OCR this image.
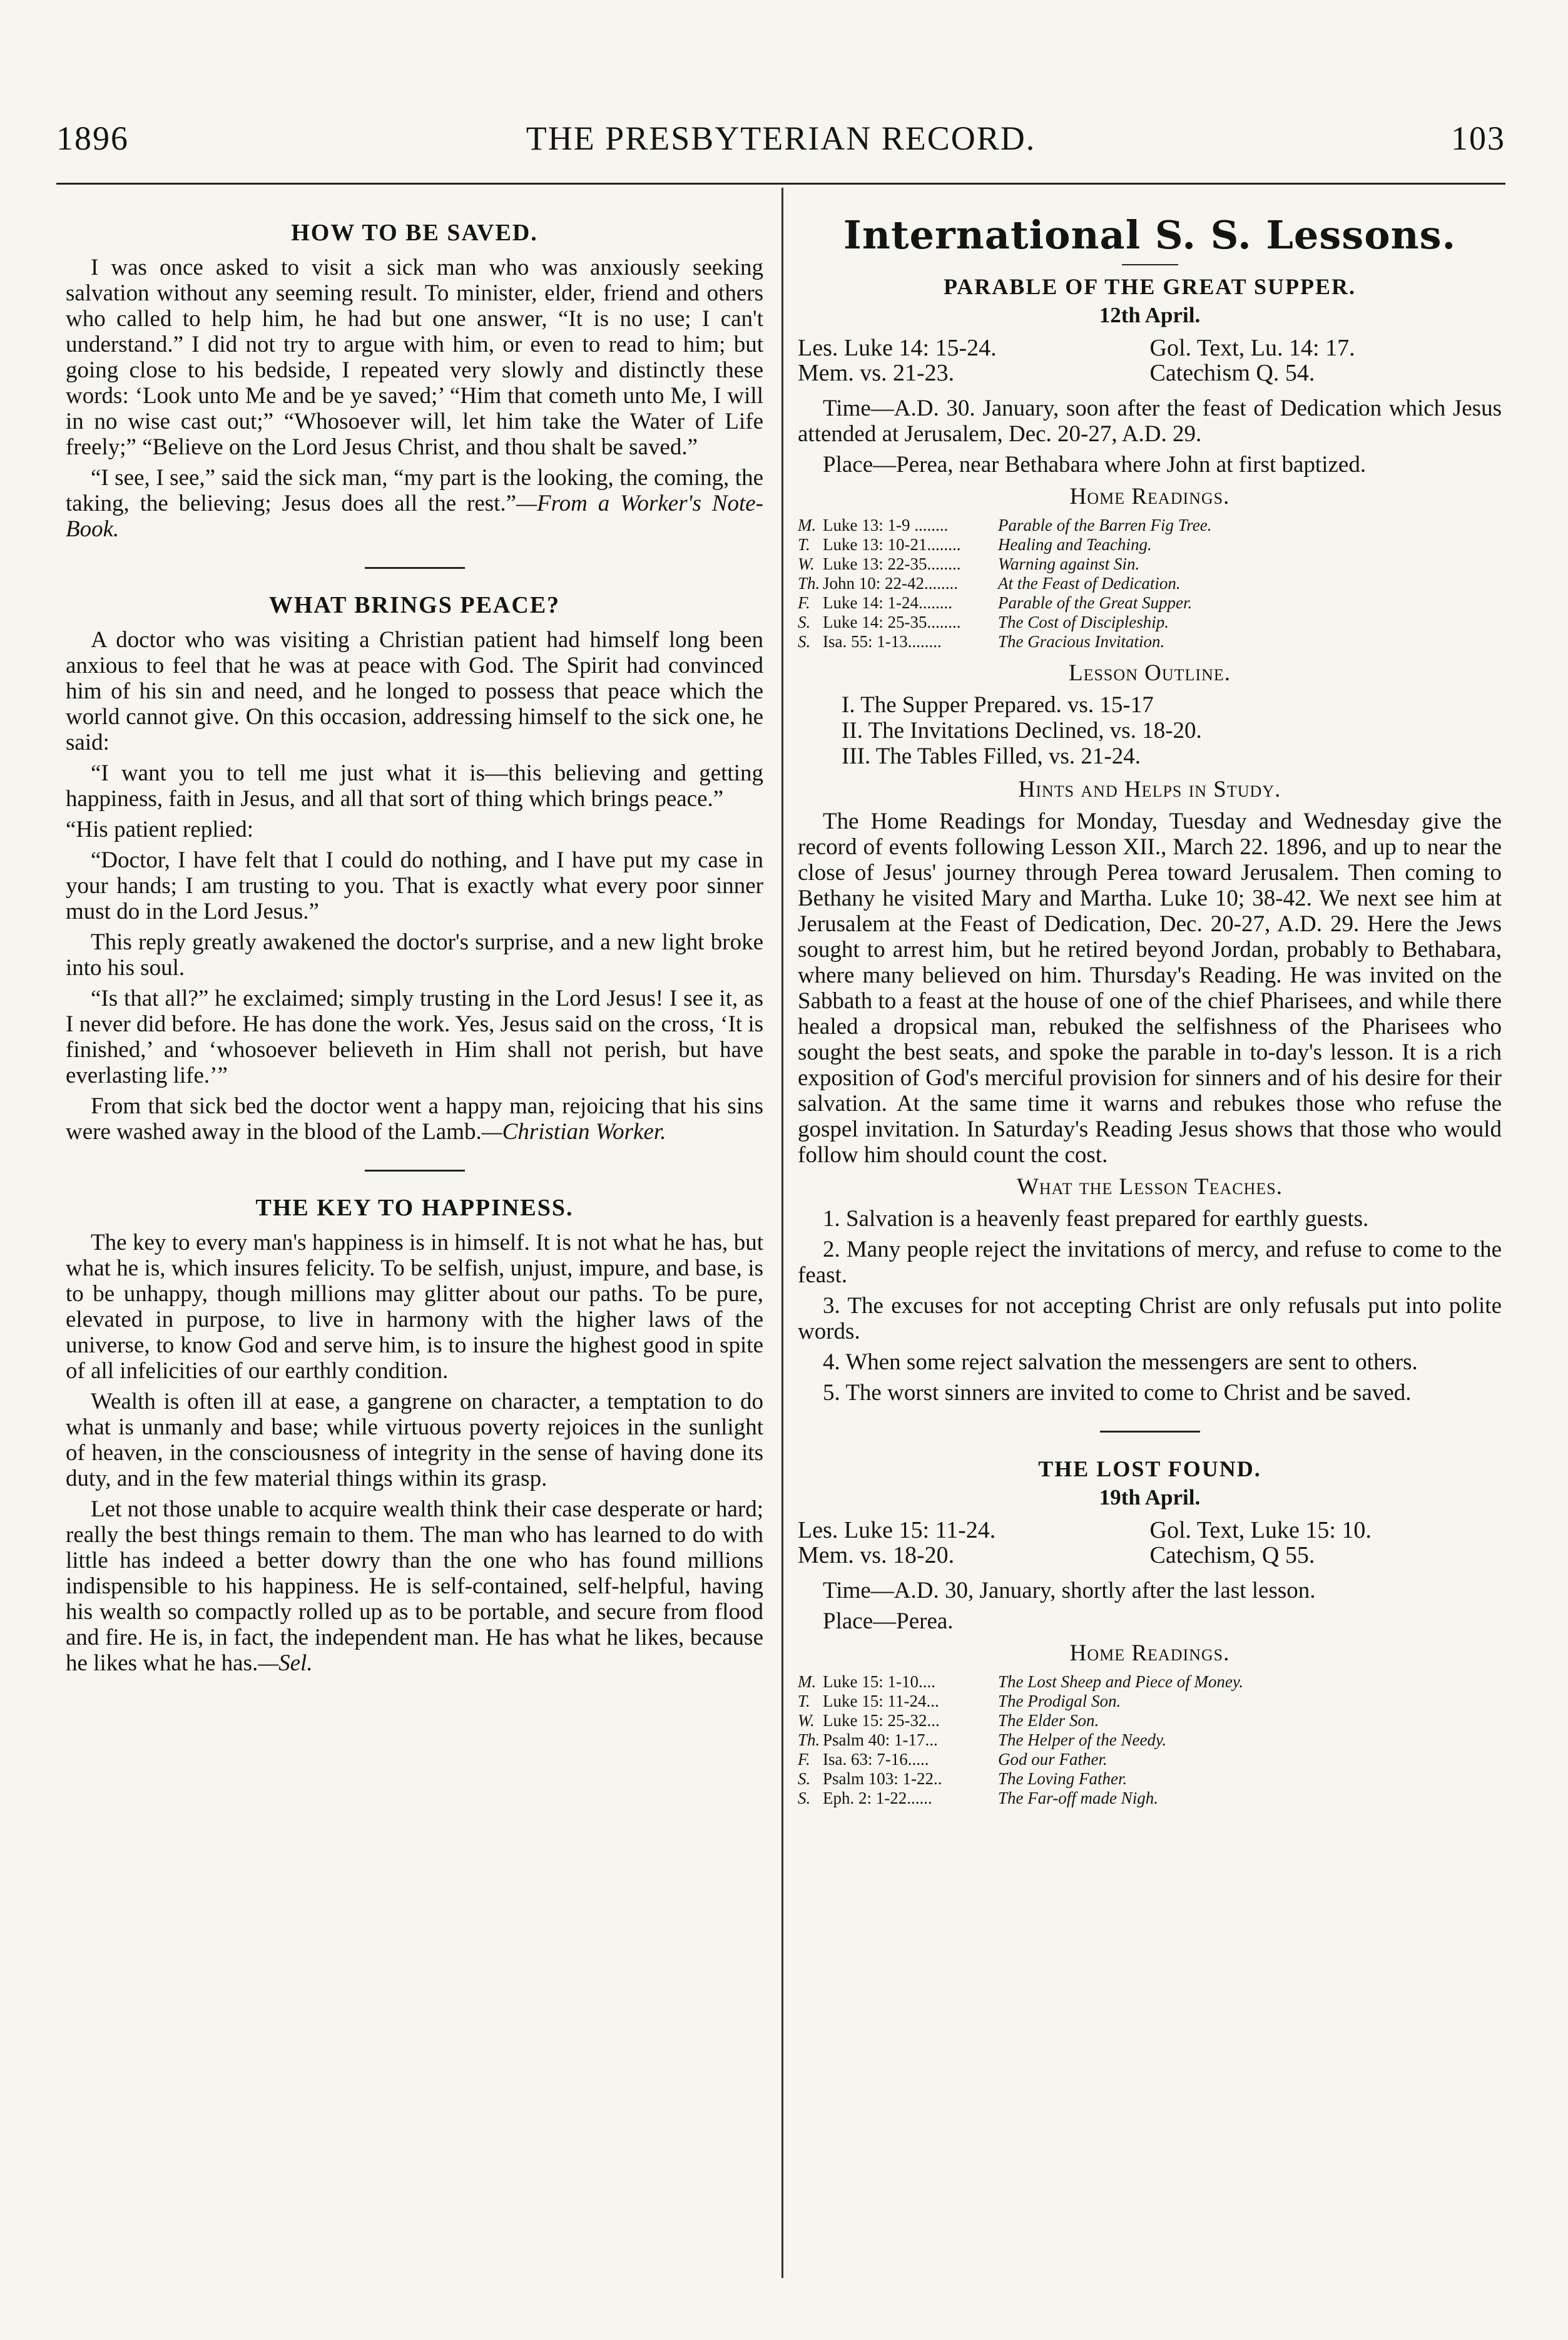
1896	THE PRESBYTERIAN RECORD.	103
HOW TO BE SAVED.

I was once asked to visit a sick man who was anxiously seeking salvation without any seeming result. To minister, elder, friend and others who called to help him, he had but one answer, “It is no use; I can't understand.” I did not try to argue with him, or even to read to him; but going close to his bedside, I repeated very slowly and distinctly these words: ‘Look unto Me and be ye saved;’ “Him that cometh unto Me, I will in no wise cast out;” “Whosoever will, let him take the Water of Life freely;” “Believe on the Lord Jesus Christ, and thou shalt be saved.”

“I see, I see,” said the sick man, “my part is the looking, the coming, the taking, the believing; Jesus does all the rest.”—From a Worker's Note-Book.

WHAT BRINGS PEACE?

A doctor who was visiting a Christian patient had himself long been anxious to feel that he was at peace with God. The Spirit had convinced him of his sin and need, and he longed to possess that peace which the world cannot give. On this occasion, addressing himself to the sick one, he said:

“I want you to tell me just what it is—this believing and getting happiness, faith in Jesus, and all that sort of thing which brings peace.”

“His patient replied:

“Doctor, I have felt that I could do nothing, and I have put my case in your hands; I am trusting to you. That is exactly what every poor sinner must do in the Lord Jesus.”

This reply greatly awakened the doctor's surprise, and a new light broke into his soul.

“Is that all?” he exclaimed; simply trusting in the Lord Jesus! I see it, as I never did before. He has done the work. Yes, Jesus said on the cross, ‘It is finished,’ and ‘whosoever believeth in Him shall not perish, but have everlasting life.’”

From that sick bed the doctor went a happy man, rejoicing that his sins were washed away in the blood of the Lamb.—Christian Worker.

THE KEY TO HAPPINESS.

The key to every man's happiness is in himself. It is not what he has, but what he is, which insures felicity. To be selfish, unjust, impure, and base, is to be unhappy, though millions may glitter about our paths. To be pure, elevated in purpose, to live in harmony with the higher laws of the universe, to know God and serve him, is to insure the highest good in spite of all infelicities of our earthly condition.

Wealth is often ill at ease, a gangrene on character, a temptation to do what is unmanly and base; while virtuous poverty rejoices in the sunlight of heaven, in the consciousness of integrity in the sense of having done its duty, and in the few material things within its grasp.

Let not those unable to acquire wealth think their case desperate or hard; really the best things remain to them. The man who has learned to do with little has indeed a better dowry than the one who has found millions indispensible to his happiness. He is self-contained, self-helpful, having his wealth so compactly rolled up as to be portable, and secure from flood and fire. He is, in fact, the independent man. He has what he likes, because he likes what he has.—Sel.

International S. S. Lessons.
PARABLE OF THE GREAT SUPPER.
12th April.
Les. Luke 14: 15-24.	Gol. Text, Lu. 14: 17.
Mem. vs. 21-23.	Catechism Q. 54.

Time—A.D. 30. January, soon after the feast of Dedication which Jesus attended at Jerusalem, Dec. 20-27, A.D. 29.

Place—Perea, near Bethabara where John at first baptized.

Home Readings.
M. Luke 13: 1-9 ........	Parable of the Barren Fig Tree.
T. Luke 13: 10-21........	Healing and Teaching.
W. Luke 13: 22-35........	Warning against Sin.
Th. John 10: 22-42........	At the Feast of Dedication.
F. Luke 14: 1-24........	Parable of the Great Supper.
S. Luke 14: 25-35........	The Cost of Discipleship.
S. Isa. 55: 1-13........	The Gracious Invitation.
Lesson Outline.
I. The Supper Prepared. vs. 15-17
II. The Invitations Declined, vs. 18-20.
III. The Tables Filled, vs. 21-24.
Hints and Helps in Study.

The Home Readings for Monday, Tuesday and Wednesday give the record of events following Lesson XII., March 22. 1896, and up to near the close of Jesus' journey through Perea toward Jerusalem. Then coming to Bethany he visited Mary and Martha. Luke 10; 38-42. We next see him at Jerusalem at the Feast of Dedication, Dec. 20-27, A.D. 29. Here the Jews sought to arrest him, but he retired beyond Jordan, probably to Bethabara, where many believed on him. Thursday's Reading. He was invited on the Sabbath to a feast at the house of one of the chief Pharisees, and while there healed a dropsical man, rebuked the selfishness of the Pharisees who sought the best seats, and spoke the parable in to-day's lesson. It is a rich exposition of God's merciful provision for sinners and of his desire for their salvation. At the same time it warns and rebukes those who refuse the gospel invitation. In Saturday's Reading Jesus shows that those who would follow him should count the cost.

What the Lesson Teaches.

1. Salvation is a heavenly feast prepared for earthly guests.

2. Many people reject the invitations of mercy, and refuse to come to the feast.

3. The excuses for not accepting Christ are only refusals put into polite words.

4. When some reject salvation the messengers are sent to others.

5. The worst sinners are invited to come to Christ and be saved.

THE LOST FOUND.
19th April.
Les. Luke 15: 11-24.	Gol. Text, Luke 15: 10.
Mem. vs. 18-20.	Catechism, Q 55.

Time—A.D. 30, January, shortly after the last lesson.

Place—Perea.

Home Readings.
M. Luke 15: 1-10....	The Lost Sheep and Piece of Money.
T. Luke 15: 11-24...	The Prodigal Son.
W. Luke 15: 25-32...	The Elder Son.
Th. Psalm 40: 1-17...	The Helper of the Needy.
F. Isa. 63: 7-16.....	God our Father.
S. Psalm 103: 1-22..	The Loving Father.
S. Eph. 2: 1-22......	The Far-off made Nigh.
